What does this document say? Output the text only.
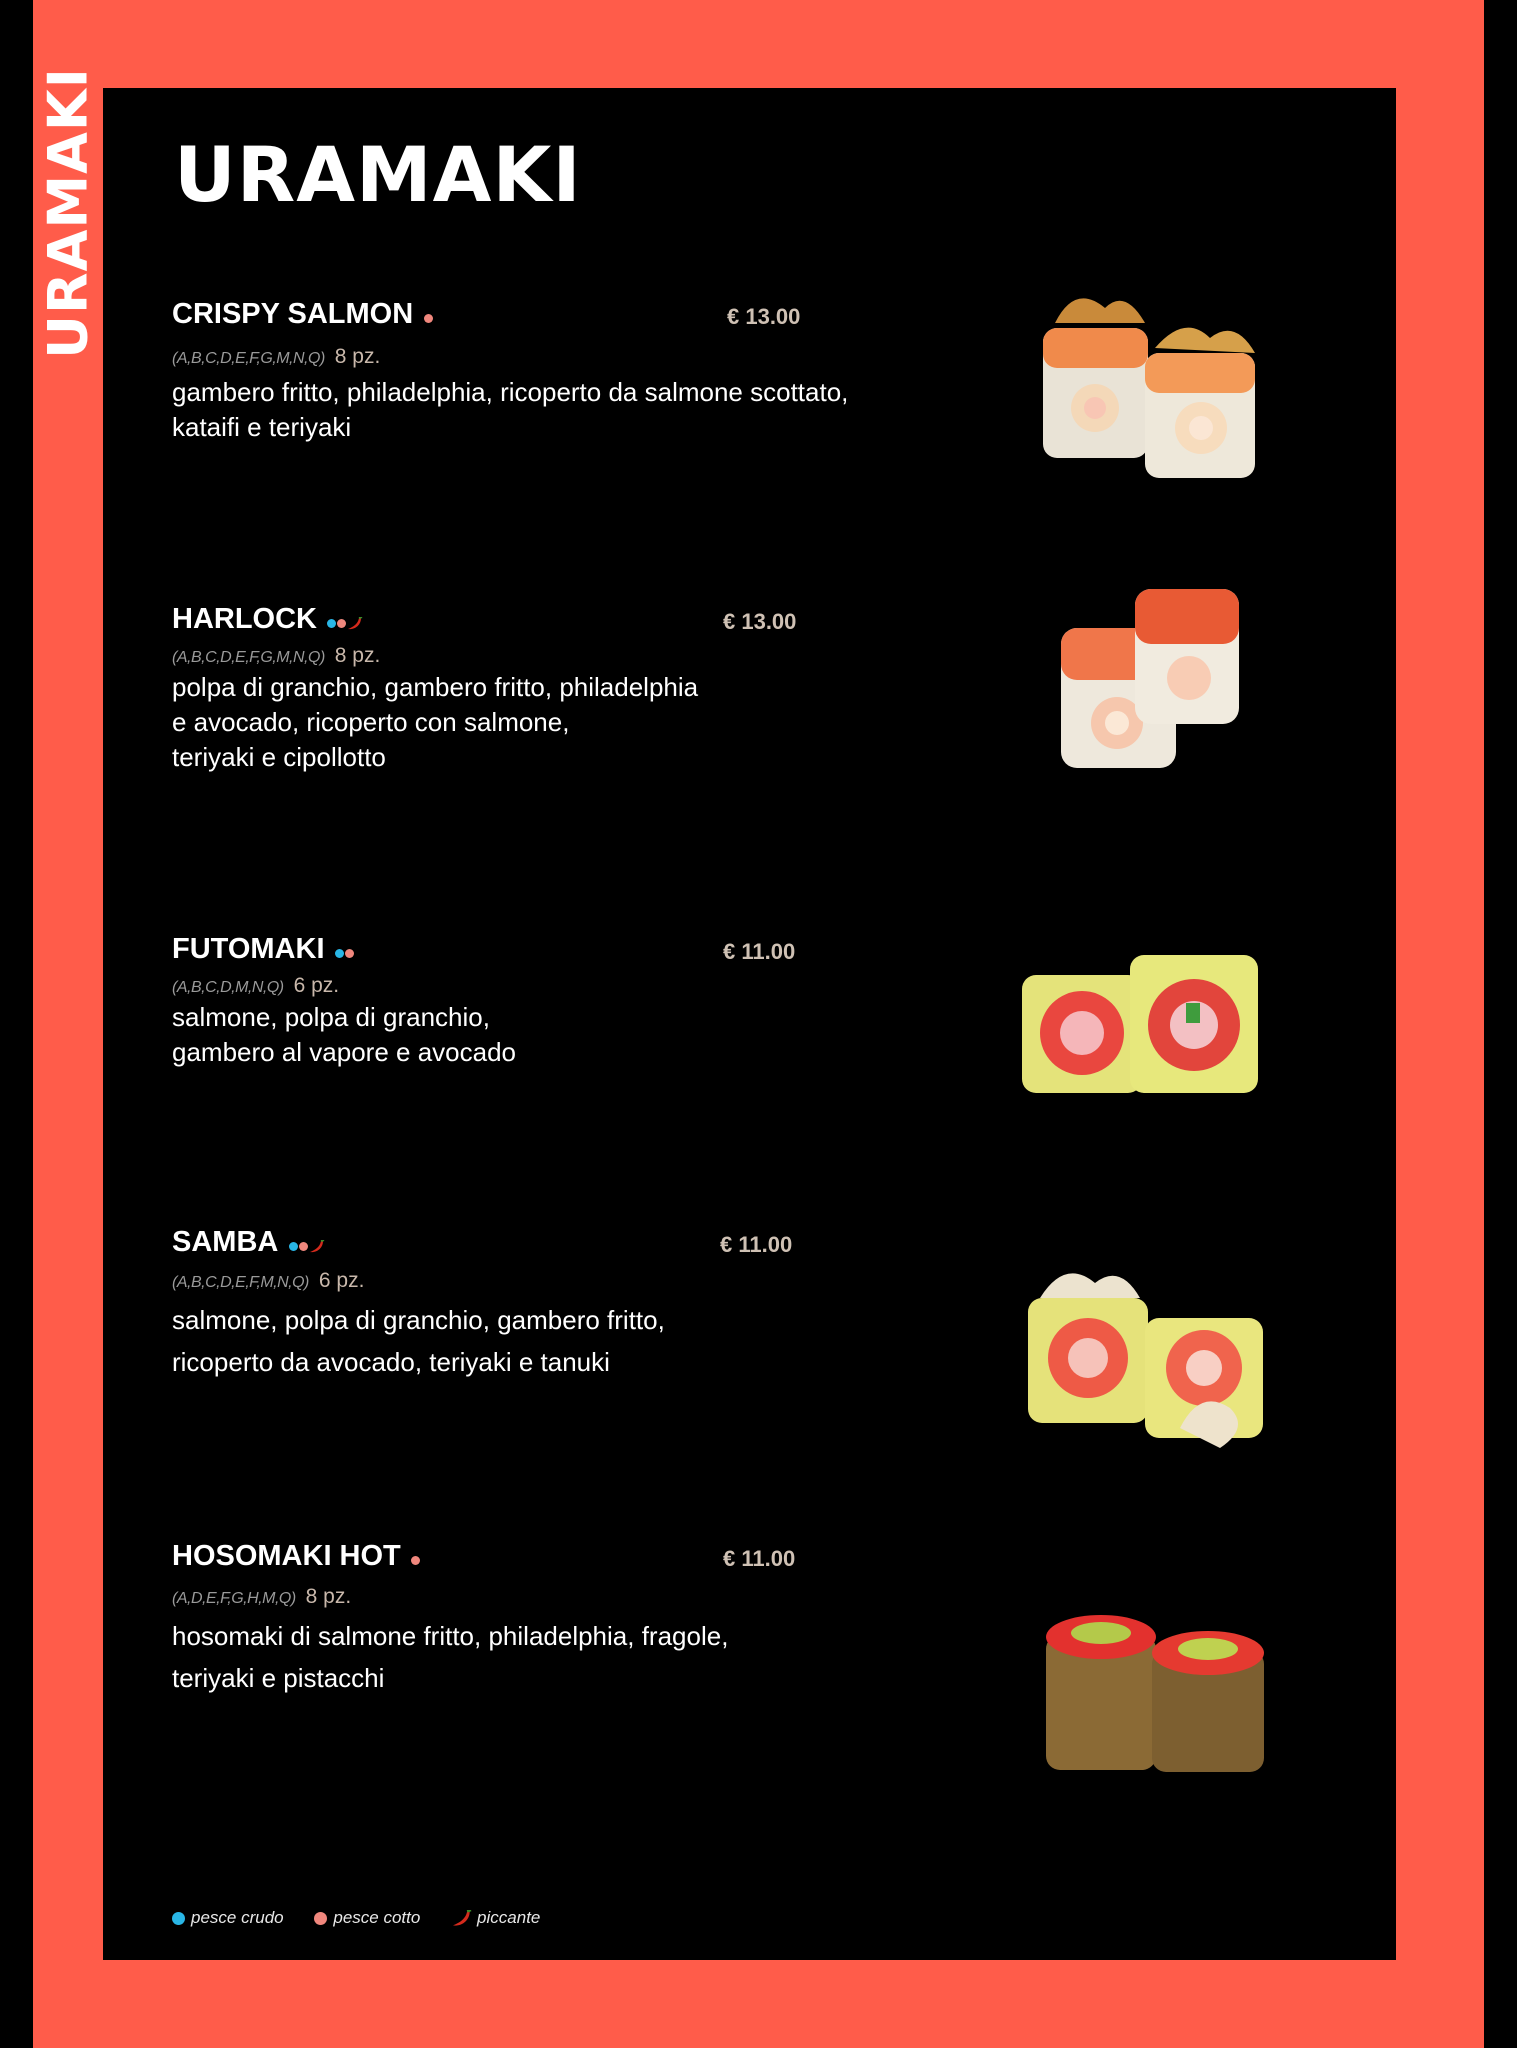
URAMAKI URAMAKI
CRISPY SALMON	€ 13.00
(A,B,C,D,E,F,G,M,N,Q) 8 pz.
gambero fritto, philadelphia, ricoperto da salmone scottato,
kataifi e teriyaki
HARLOCK	€ 13.00
(A,B,C,D,E,F,G,M,N,Q) 8 pz.
polpa di granchio, gambero fritto, philadelphia
e avocado, ricoperto con salmone,
teriyaki e cipollotto
FUTOMAKI	€ 11.00
(A,B,C,D,M,N,Q) 6 pz.
salmone, polpa di granchio,
gambero al vapore e avocado
SAMBA	€ 11.00
(A,B,C,D,E,F,M,N,Q) 6 pz.
salmone, polpa di granchio, gambero fritto,
ricoperto da avocado, teriyaki e tanuki
HOSOMAKI HOT	€ 11.00
(A,D,E,F,G,H,M,Q) 8 pz.
hosomaki di salmone fritto, philadelphia, fragole,
teriyaki e pistacchi
pesce crudo	pesce cotto	piccante
